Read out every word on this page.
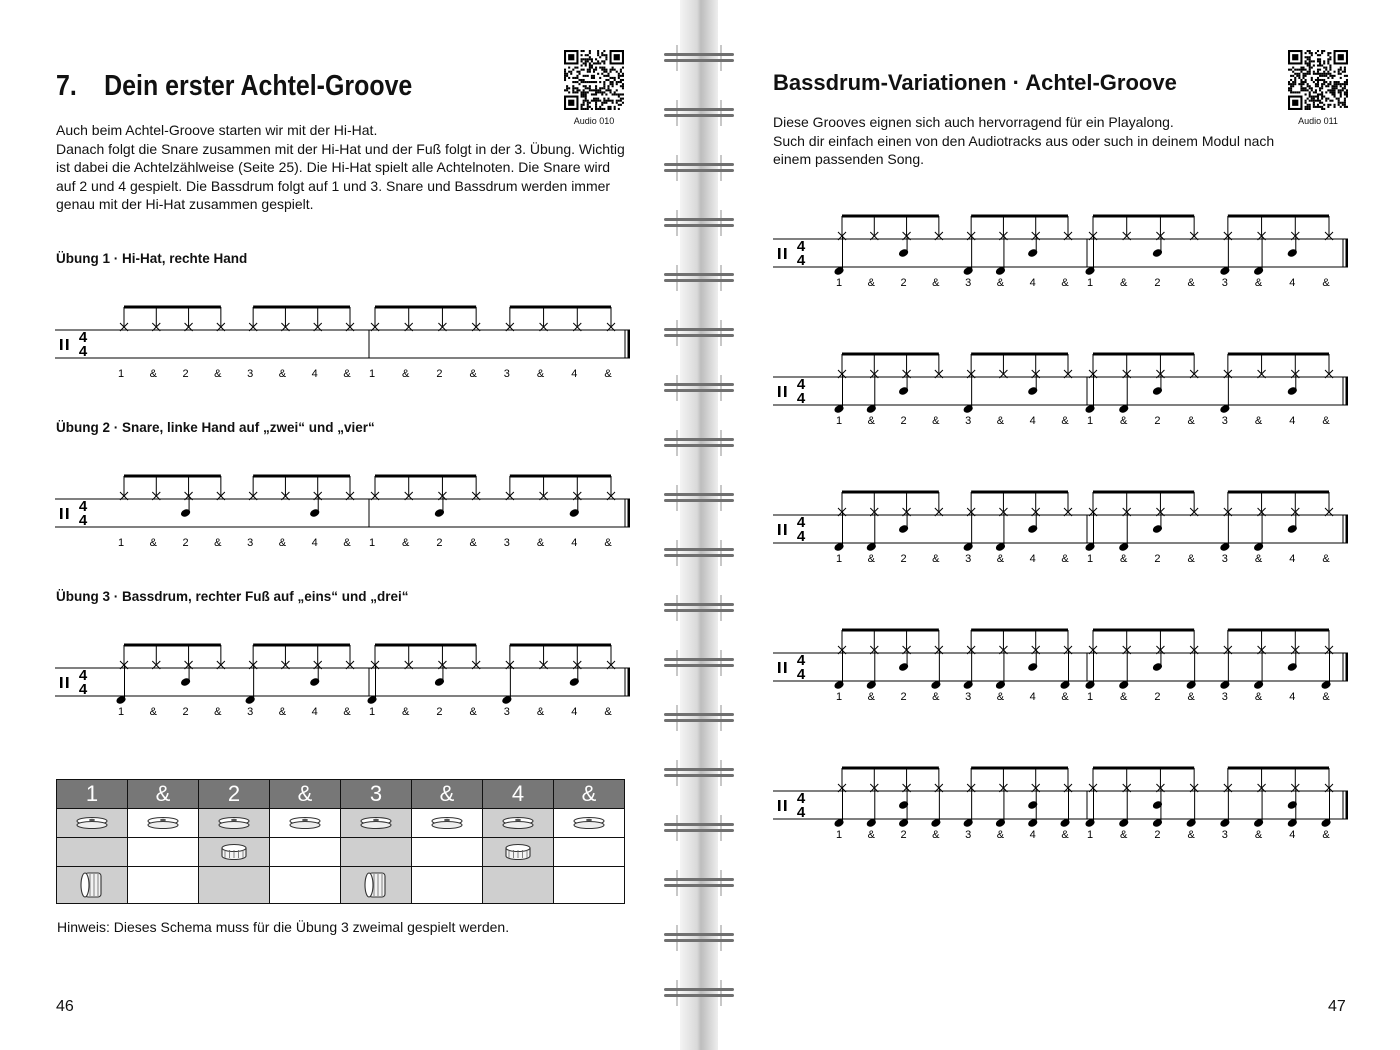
7. Dein erster Achtel-Groove
Audio 010

Auch beim Achtel-Groove starten wir mit der Hi-Hat.
Danach folgt die Snare zusammen mit der Hi-Hat und der Fuß folgt in der 3. Übung. Wichtig
ist dabei die Achtelzählweise (Seite 25). Die Hi-Hat spielt alle Achtelnoten. Die Snare wird
auf 2 und 4 gespielt. Die Bassdrum folgt auf 1 und 3. Snare und Bassdrum werden immer
genau mit der Hi-Hat zusammen gespielt.

Übung 1 · Hi-Hat, rechte Hand
4
4
1 & 2 & 3 & 4 & 1 & 2 & 3 & 4 &
Übung 2 · Snare, linke Hand auf „zwei“ und „vier“
4
4
1 & 2 & 3 & 4 & 1 & 2 & 3 & 4 &
Übung 3 · Bassdrum, rechter Fuß auf „eins“ und „drei“
4
4
1 & 2 & 3 & 4 & 1 & 2 & 3 & 4 &
1	&	2	&	3	&	4	&

Hinweis: Dieses Schema muss für die Übung 3 zweimal gespielt werden.
46
Bassdrum-Variationen · Achtel-Groove
Audio 011

Diese Grooves eignen sich auch hervorragend für ein Playalong.
Such dir einfach einen von den Audiotracks aus oder such in deinem Modul nach
einem passenden Song.

4
4
1 & 2 & 3 & 4 & 1 & 2 & 3 & 4 &
4
4
1 & 2 & 3 & 4 & 1 & 2 & 3 & 4 &
4
4
1 & 2 & 3 & 4 & 1 & 2 & 3 & 4 &
4
4
1 & 2 & 3 & 4 & 1 & 2 & 3 & 4 &
4
4
1 & 2 & 3 & 4 & 1 & 2 & 3 & 4 &
47
